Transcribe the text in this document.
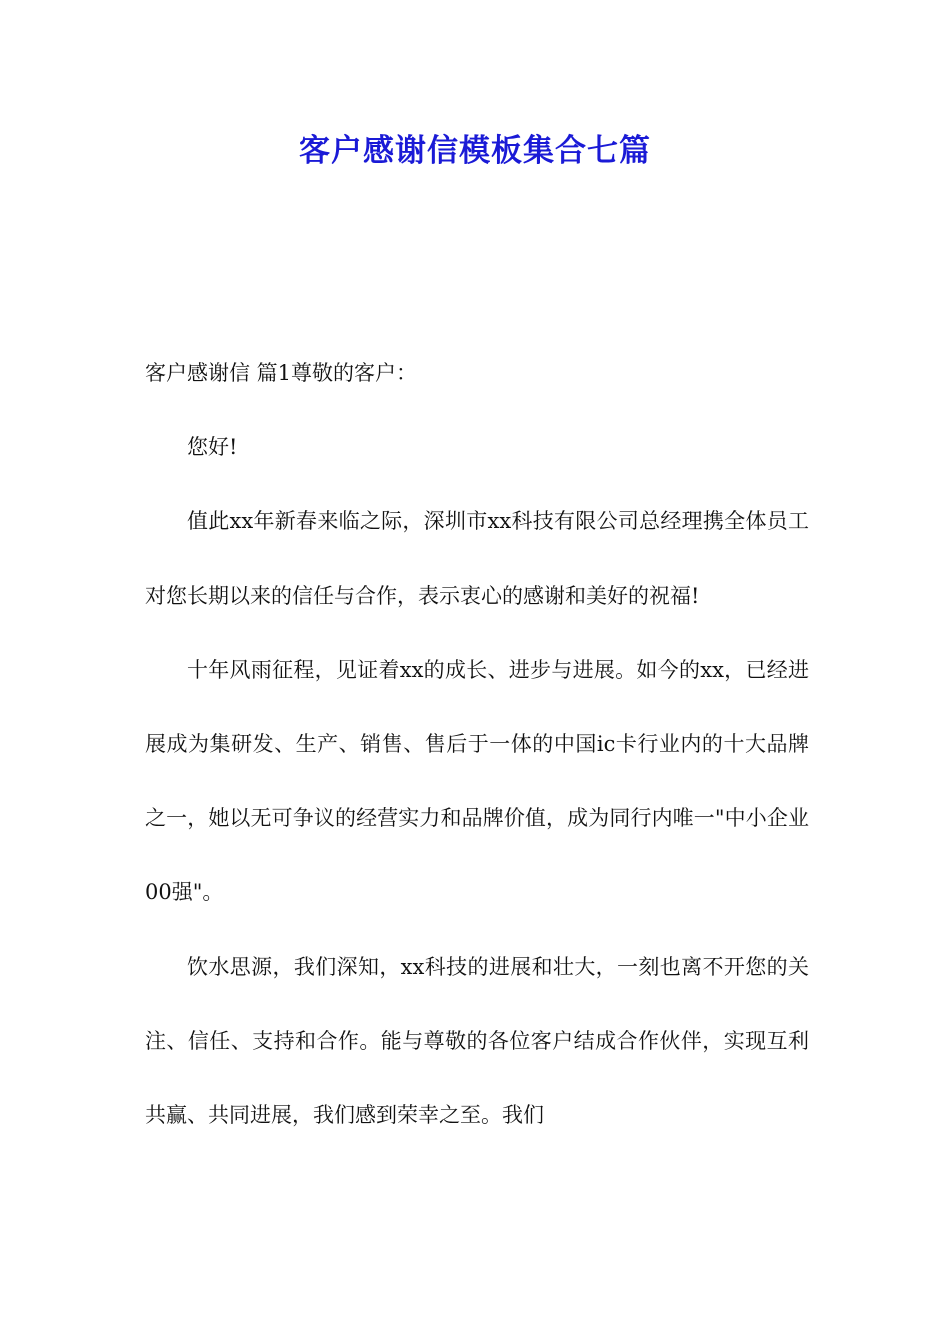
客户感谢信模板集合七篇

客户感谢信 篇1尊敬的客户：

您好!

值此xx年新春来临之际，深圳市xx科技有限公司总经理携全体员工对您长期以来的信任与合作，表示衷心的感谢和美好的祝福!

十年风雨征程，见证着xx的成长、进步与进展。如今的xx，已经进展成为集研发、生产、销售、售后于一体的中国ic卡行业内的十大品牌之一，她以无可争议的经营实力和品牌价值，成为同行内唯一"中小企业 00强"。

饮水思源，我们深知，xx科技的进展和壮大，一刻也离不开您的关注、信任、支持和合作。能与尊敬的各位客户结成合作伙伴，实现互利共赢、共同进展，我们感到荣幸之至。我们
